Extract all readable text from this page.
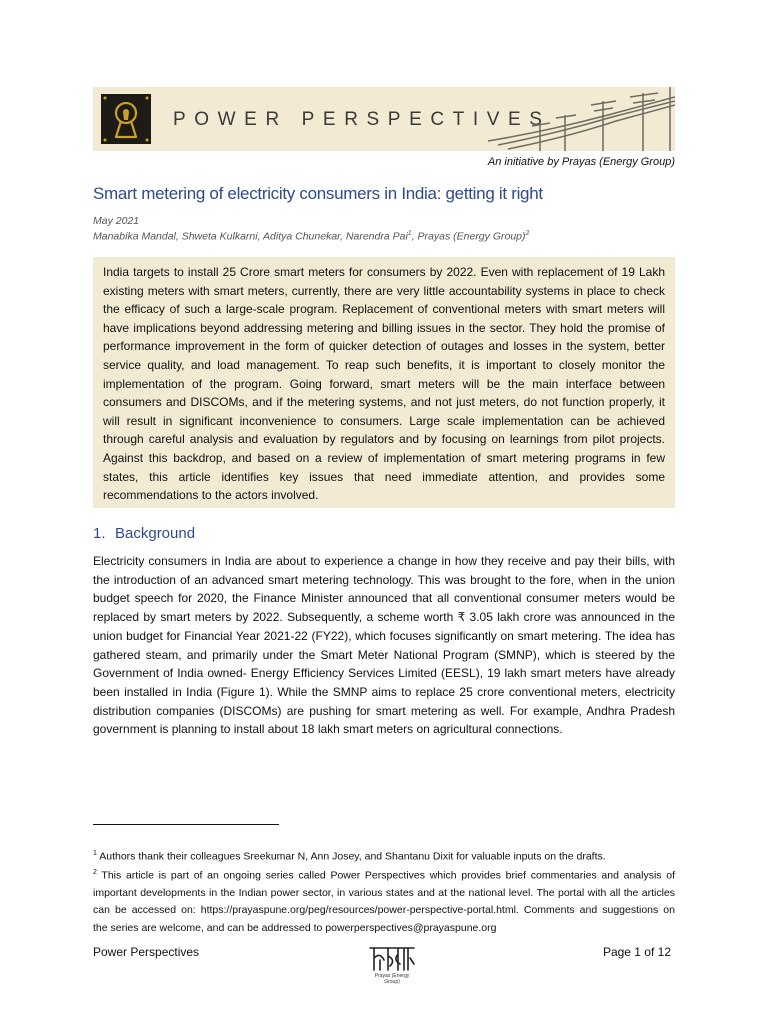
POWER PERSPECTIVES
An initiative by Prayas (Energy Group)
Smart metering of electricity consumers in India: getting it right
May 2021
Manabika Mandal, Shweta Kulkarni, Aditya Chunekar, Narendra Pai$^1$, Prayas (Energy Group)$^2$

India targets to install 25 Crore smart meters for consumers by 2022. Even with replacement of 19 Lakh existing meters with smart meters, currently, there are very little accountability systems in place to check the efficacy of such a large-scale program. Replacement of conventional meters with smart meters will have implications beyond addressing metering and billing issues in the sector. They hold the promise of performance improvement in the form of quicker detection of outages and losses in the system, better service quality, and load management. To reap such benefits, it is important to closely monitor the implementation of the program. Going forward, smart meters will be the main interface between consumers and DISCOMs, and if the metering systems, and not just meters, do not function properly, it will result in significant inconvenience to consumers. Large scale implementation can be achieved through careful analysis and evaluation by regulators and by focusing on learnings from pilot projects. Against this backdrop, and based on a review of implementation of smart metering programs in few states, this article identifies key issues that need immediate attention, and provides some recommendations to the actors involved.

1. Background

Electricity consumers in India are about to experience a change in how they receive and pay their bills, with the introduction of an advanced smart metering technology. This was brought to the fore, when in the union budget speech for 2020, the Finance Minister announced that all conventional consumer meters would be replaced by smart meters by 2022. Subsequently, a scheme worth ₹ 3.05 lakh crore was announced in the union budget for Financial Year 2021-22 (FY22), which focuses significantly on smart metering. The idea has gathered steam, and primarily under the Smart Meter National Program (SMNP), which is steered by the Government of India owned- Energy Efficiency Services Limited (EESL), 19 lakh smart meters have already been installed in India (Figure 1). While the SMNP aims to replace 25 crore conventional meters, electricity distribution companies (DISCOMs) are pushing for smart metering as well. For example, Andhra Pradesh government is planning to install about 18 lakh smart meters on agricultural connections.

$^1$ Authors thank their colleagues Sreekumar N, Ann Josey, and Shantanu Dixit for valuable inputs on the drafts.

$^2$ This article is part of an ongoing series called Power Perspectives which provides brief commentaries and analysis of important developments in the Indian power sector, in various states and at the national level. The portal with all the articles can be accessed on: https://prayaspune.org/peg/resources/power-perspective-portal.html. Comments and suggestions on the series are welcome, and can be addressed to powerperspectives@prayaspune.org

Power Perspectives
Prayas (Energy Group)
Page 1 of 12
